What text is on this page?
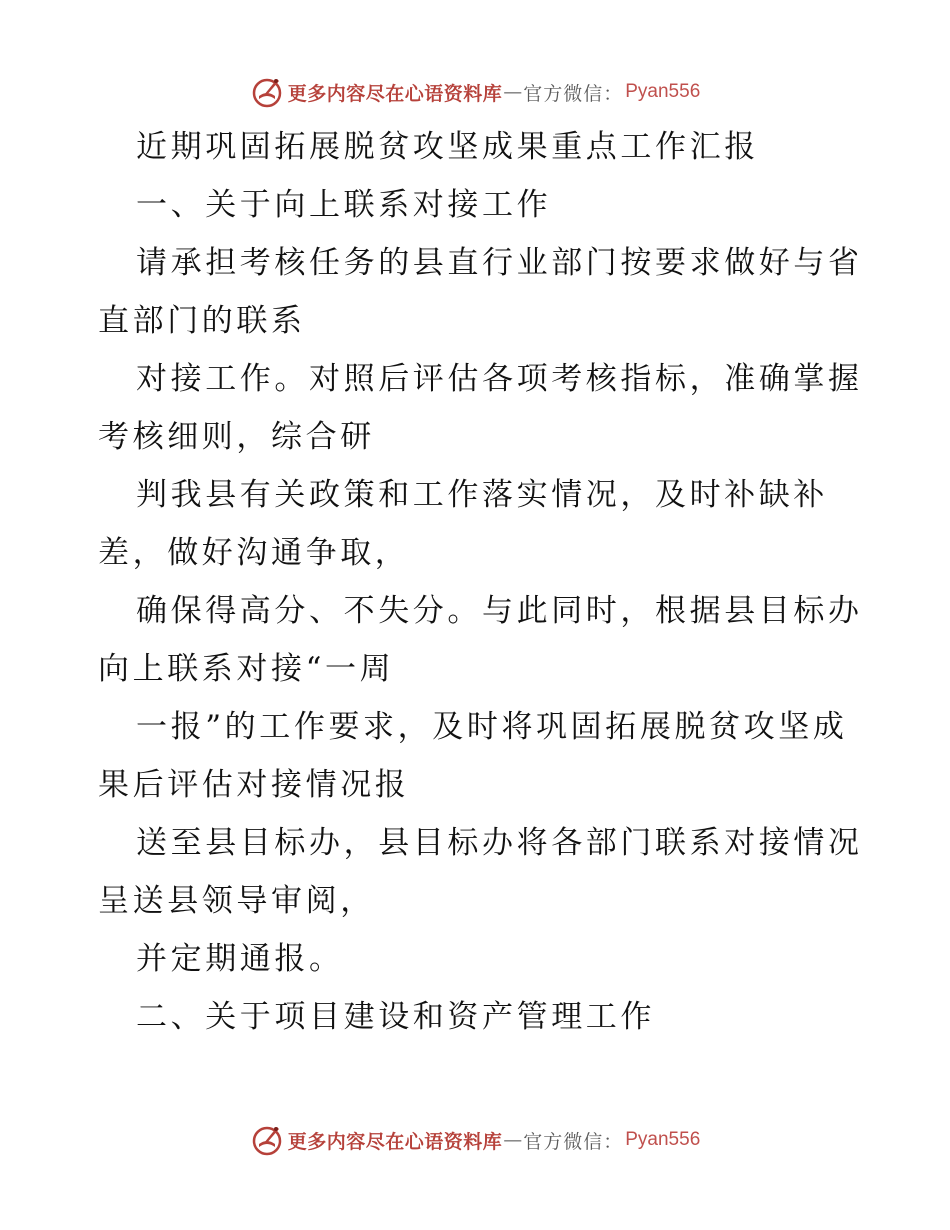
更多内容尽在心语资料库 — 官方微信： Pyan556
近期巩固拓展脱贫攻坚成果重点工作汇报
一、关于向上联系对接工作
请承担考核任务的县直行业部门按要求做好与省
直部门的联系
对接工作。对照后评估各项考核指标，准确掌握
考核细则，综合研
判我县有关政策和工作落实情况，及时补缺补
差，做好沟通争取，
确保得高分、不失分。与此同时，根据县目标办
向上联系对接“一周
一报”的工作要求，及时将巩固拓展脱贫攻坚成
果后评估对接情况报
送至县目标办，县目标办将各部门联系对接情况
呈送县领导审阅，
并定期通报。
二、关于项目建设和资产管理工作
更多内容尽在心语资料库 — 官方微信： Pyan556
